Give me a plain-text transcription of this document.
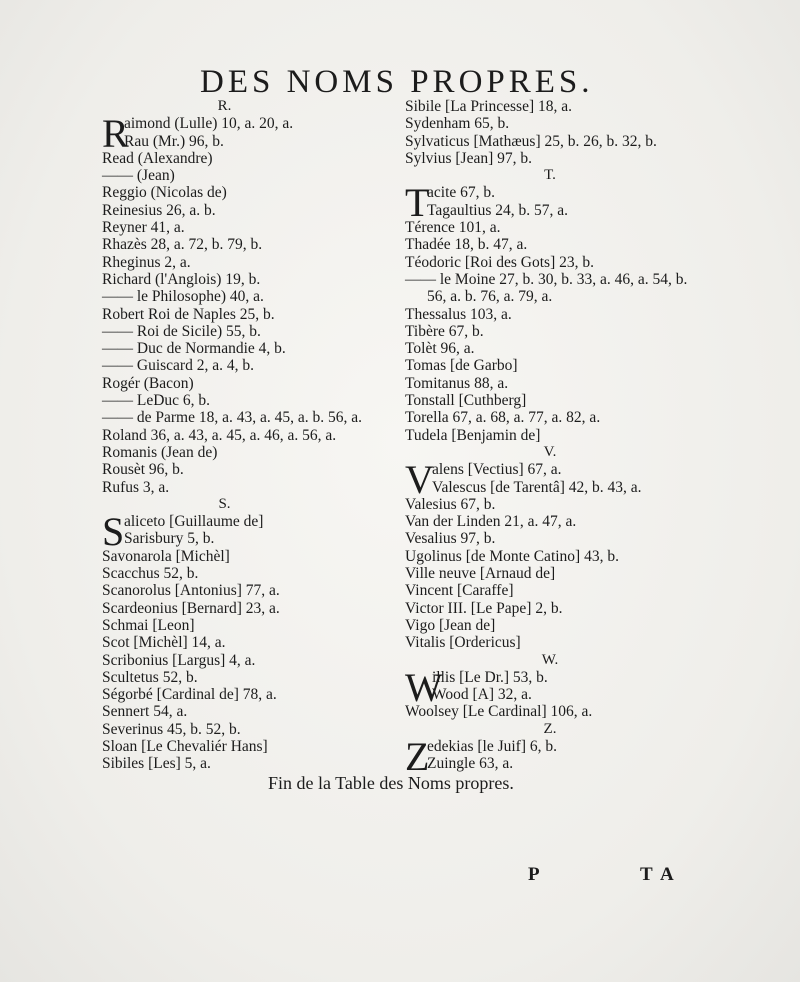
DES NOMS PROPRES.
R.
R
aimond (Lulle) 10, a. 20, a.
Rau (Mr.) 96, b.
Read (Alexandre)
—— (Jean)
Reggio (Nicolas de)
Reinesius 26, a. b.
Reyner 41, a.
Rhazès 28, a. 72, b. 79, b.
Rheginus 2, a.
Richard (l'Anglois) 19, b.
—— le Philosophe) 40, a.
Robert Roi de Naples 25, b.
—— Roi de Sicile) 55, b.
—— Duc de Normandie 4, b.
—— Guiscard 2, a. 4, b.
Rogér (Bacon)
—— LeDuc 6, b.
—— de Parme 18, a. 43, a. 45, a. b. 56, a.
Roland 36, a. 43, a. 45, a. 46, a. 56, a.
Romanis (Jean de)
Rousèt 96, b.
Rufus 3, a.
S.
S aliceto [Guillaume de]
Sarisbury 5, b.
Savonarola [Michèl]
Scacchus 52, b.
Scanorolus [Antonius] 77, a.
Scardeonius [Bernard] 23, a.
Schmai [Leon]
Scot [Michèl] 14, a.
Scribonius [Largus] 4, a.
Scultetus 52, b.
Ségorbé [Cardinal de] 78, a.
Sennert 54, a.
Severinus 45, b. 52, b.
Sloan [Le Chevaliér Hans]
Sibiles [Les] 5, a.
Sibile [La Princesse] 18, a.
Sydenham 65, b.
Sylvaticus [Mathæus] 25, b. 26, b. 32, b.
Sylvius [Jean] 97, b.
T.
T
acite 67, b.
Tagaultius 24, b. 57, a.
Térence 101, a.
Thadée 18, b. 47, a.
Téodoric [Roi des Gots] 23, b.
—— le Moine 27, b. 30, b. 33, a. 46, a. 54, b.
56, a. b. 76, a. 79, a.
Thessalus 103, a.
Tibère 67, b.
Tolèt 96, a.
Tomas [de Garbo]
Tomitanus 88, a.
Tonstall [Cuthberg]
Torella 67, a. 68, a. 77, a. 82, a.
Tudela [Benjamin de]
V.
V
alens [Vectius] 67, a.
Valescus [de Tarentâ] 42, b. 43, a.
Valesius 67, b.
Van der Linden 21, a. 47, a.
Vesalius 97, b.
Ugolinus [de Monte Catino] 43, b.
Ville neuve [Arnaud de]
Vincent [Caraffe]
Victor III. [Le Pape] 2, b.
Vigo [Jean de]
Vitalis [Ordericus]
W.
W
illis [Le Dr.] 53, b.
Wood [A] 32, a.
Woolsey [Le Cardinal] 106, a.
Z.
Z
edekias [le Juif] 6, b.
Zuingle 63, a.
Fin de la Table des Noms propres.
P	T A
